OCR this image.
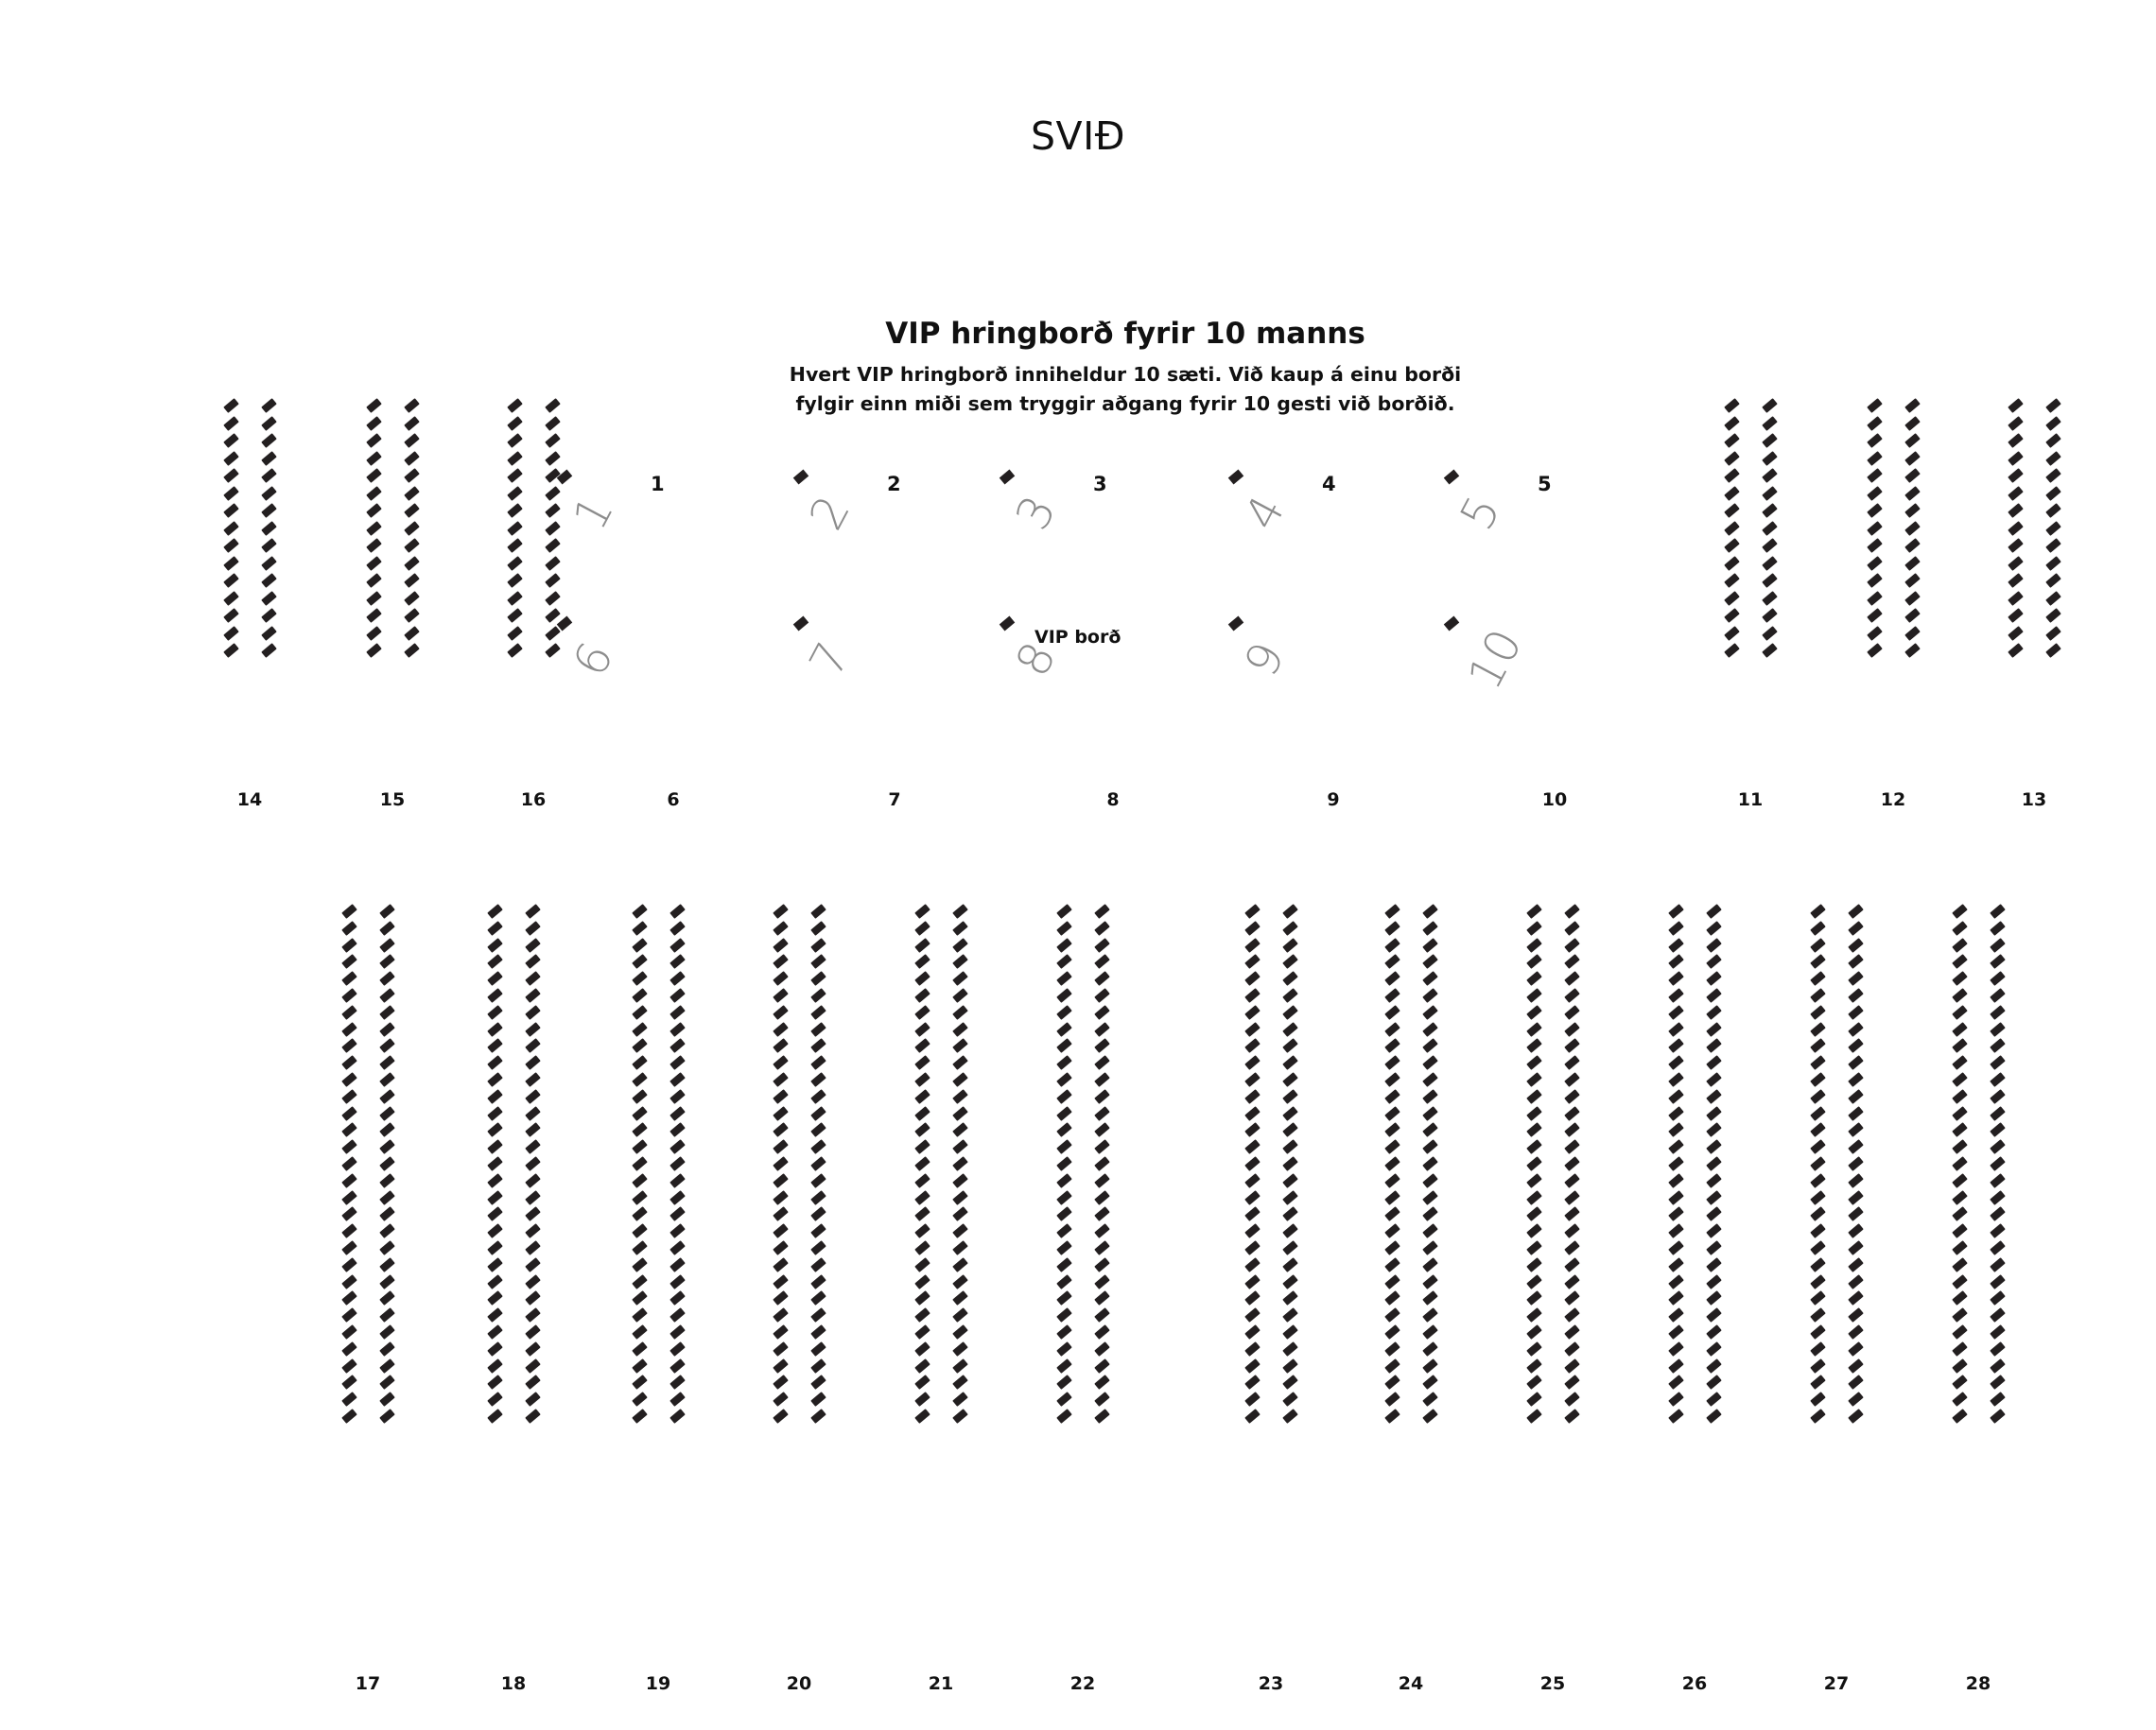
SVIÐ
VIP hringborð fyrir 10 manns
Hvert VIP hringborð inniheldur 10 sæti. Við kaup á einu borði
fylgir einn miði sem tryggir aðgang fyrir 10 gesti við borðið.
14	15	16	11	12	13
17	18	19	20	21	22	23	24	25	26	27	28
1
1
2
2
3
3
4
4
5
5
6	7	8
VIP borð 9	10
6	7	8	9	10
